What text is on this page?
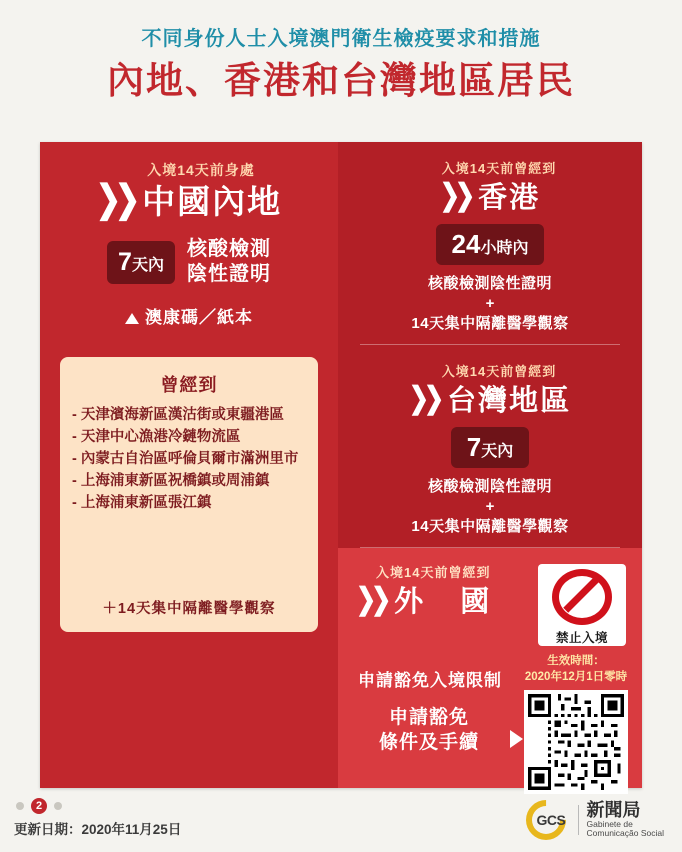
不同身份人士入境澳門衛生檢疫要求和措施
內地、香港和台灣地區居民
入境14天前身處
❯❯ 中國內地
7天內
核酸檢測
陰性證明
澳康碼／紙本
曾經到
- 天津濱海新區漢沽街或東疆港區
- 天津中心漁港冷鏈物流區
- 內蒙古自治區呼倫貝爾市滿洲里市
- 上海浦東新區祝橋鎮或周浦鎮
- 上海浦東新區張江鎮
＋14天集中隔離醫學觀察
入境14天前曾經到
❯❯ 香港
24小時內
核酸檢測陰性證明
+
14天集中隔離醫學觀察
入境14天前曾經到
❯❯ 台灣地區
7天內
核酸檢測陰性證明
+
14天集中隔離醫學觀察
入境14天前曾經到
❯❯ 外　國
禁止入境
申請豁免入境限制
生效時間：
2020年12月1日零時
申請豁免
條件及手續
2
更新日期：2020年11月25日
GCS
新聞局
Gabinete de
Comunicação Social
